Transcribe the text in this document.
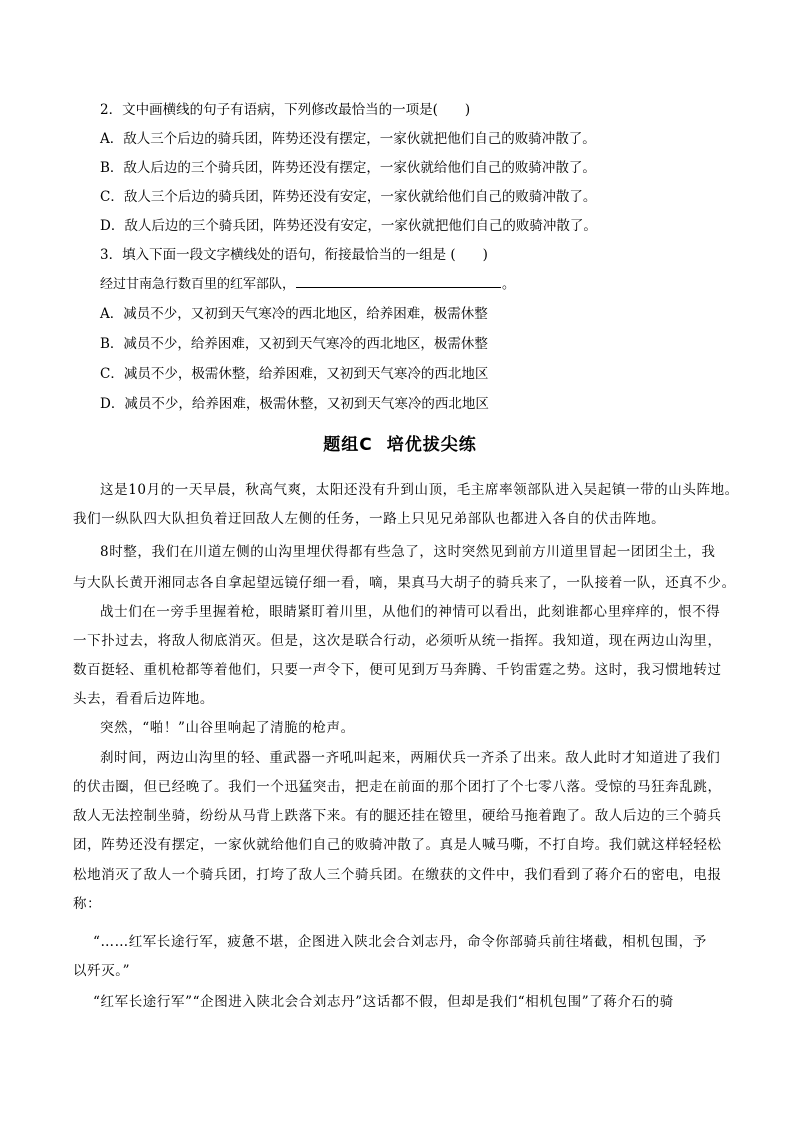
2．文中画横线的句子有语病，下列修改最恰当的一项是(　　)
A．敌人三个后边的骑兵团，阵势还没有摆定，一家伙就把他们自己的败骑冲散了。
B．敌人后边的三个骑兵团，阵势还没有摆定，一家伙就给他们自己的败骑冲散了。
C．敌人三个后边的骑兵团，阵势还没有安定，一家伙就给他们自己的败骑冲散了。
D．敌人后边的三个骑兵团，阵势还没有安定，一家伙就把他们自己的败骑冲散了。
3．填入下面一段文字横线处的语句，衔接最恰当的一组是 (　　)
经过甘南急行数百里的红军部队，	。
A．减员不少，又初到天气寒冷的西北地区，给养困难，极需休整
B．减员不少，给养困难，又初到天气寒冷的西北地区，极需休整
C．减员不少，极需休整，给养困难，又初到天气寒冷的西北地区
D．减员不少，给养困难，极需休整，又初到天气寒冷的西北地区
题组C 培优拔尖练
这是10月的一天早晨，秋高气爽，太阳还没有升到山顶，毛主席率领部队进入吴起镇一带的山头阵地。
我们一纵队四大队担负着迂回敌人左侧的任务，一路上只见兄弟部队也都进入各自的伏击阵地。
8时整，我们在川道左侧的山沟里埋伏得都有些急了，这时突然见到前方川道里冒起一团团尘土，我
与大队长黄开湘同志各自拿起望远镜仔细一看，嘀，果真马大胡子的骑兵来了，一队接着一队，还真不少。
战士们在一旁手里握着枪，眼睛紧盯着川里，从他们的神情可以看出，此刻谁都心里痒痒的，恨不得
一下扑过去，将敌人彻底消灭。但是，这次是联合行动，必须听从统一指挥。我知道，现在两边山沟里，
数百挺轻、重机枪都等着他们，只要一声令下，便可见到万马奔腾、千钧雷霆之势。这时，我习惯地转过
头去，看看后边阵地。
突然，“啪！”山谷里响起了清脆的枪声。
刹时间，两边山沟里的轻、重武器一齐吼叫起来，两厢伏兵一齐杀了出来。敌人此时才知道进了我们
的伏击圈，但已经晚了。我们一个迅猛突击，把走在前面的那个团打了个七零八落。受惊的马狂奔乱跳，
敌人无法控制坐骑，纷纷从马背上跌落下来。有的腿还挂在镫里，硬给马拖着跑了。敌人后边的三个骑兵
团，阵势还没有摆定，一家伙就给他们自己的败骑冲散了。真是人喊马嘶，不打自垮。我们就这样轻轻松
松地消灭了敌人一个骑兵团，打垮了敌人三个骑兵团。在缴获的文件中，我们看到了蒋介石的密电，电报
称：
“……红军长途行军，疲惫不堪，企图进入陕北会合刘志丹，命令你部骑兵前往堵截，相机包围，予
以歼灭。”
“红军长途行军”“企图进入陕北会合刘志丹”这话都不假，但却是我们“相机包围”了蒋介石的骑
